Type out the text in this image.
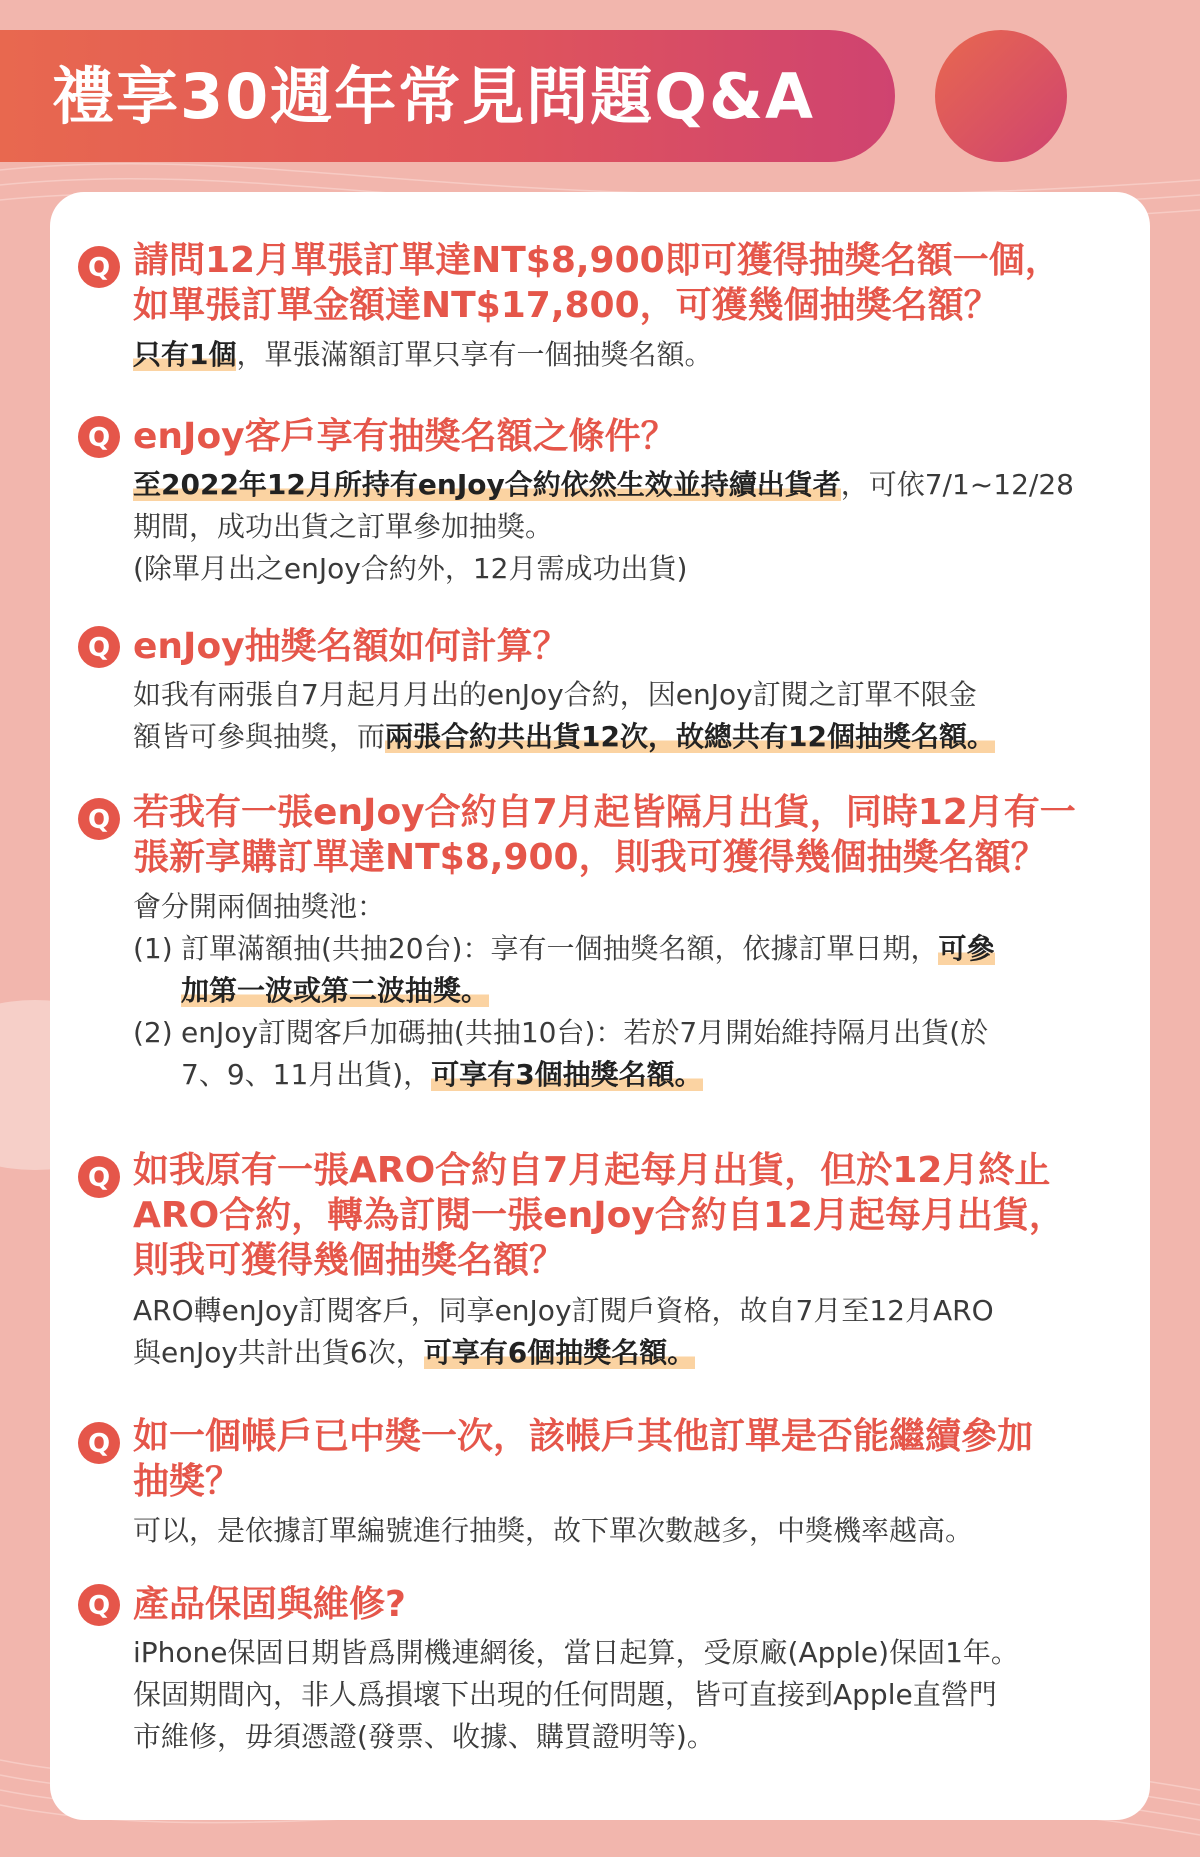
禮享30週年常見問題Q&A
Q 請問12月單張訂單達NT$8,900即可獲得抽獎名額一個，
如單張訂單金額達NT$17,800，可獲幾個抽獎名額？

只有1個，單張滿額訂單只享有一個抽獎名額。

Q enJoy客戶享有抽獎名額之條件？

至2022年12月所持有enJoy合約依然生效並持續出貨者，可依7/1~12/28

期間，成功出貨之訂單參加抽獎。

(除單月出之enJoy合約外，12月需成功出貨)

Q enJoy抽獎名額如何計算？

如我有兩張自7月起月月出的enJoy合約，因enJoy訂閱之訂單不限金

額皆可參與抽獎，而兩張合約共出貨12次，故總共有12個抽獎名額。

Q 若我有一張enJoy合約自7月起皆隔月出貨，同時12月有一
張新享購訂單達NT$8,900，則我可獲得幾個抽獎名額？

會分開兩個抽獎池：

(1) 訂單滿額抽(共抽20台)：享有一個抽獎名額，依據訂單日期，可參
加第一波或第二波抽獎。

(2) enJoy訂閱客戶加碼抽(共抽10台)：若於7月開始維持隔月出貨(於
7、9、11月出貨)，可享有3個抽獎名額。

Q 如我原有一張ARO合約自7月起每月出貨，但於12月終止
ARO合約，轉為訂閱一張enJoy合約自12月起每月出貨，
則我可獲得幾個抽獎名額？

ARO轉enJoy訂閱客戶，同享enJoy訂閱戶資格，故自7月至12月ARO

與enJoy共計出貨6次，可享有6個抽獎名額。

Q 如一個帳戶已中獎一次，該帳戶其他訂單是否能繼續參加
抽獎？

可以，是依據訂單編號進行抽獎，故下單次數越多，中獎機率越高。

Q 產品保固與維修?

iPhone保固日期皆爲開機連網後，當日起算，受原廠(Apple)保固1年。

保固期間內，非人爲損壞下出現的任何問題，皆可直接到Apple直營門

市維修，毋須憑證(發票、收據、購買證明等)。
